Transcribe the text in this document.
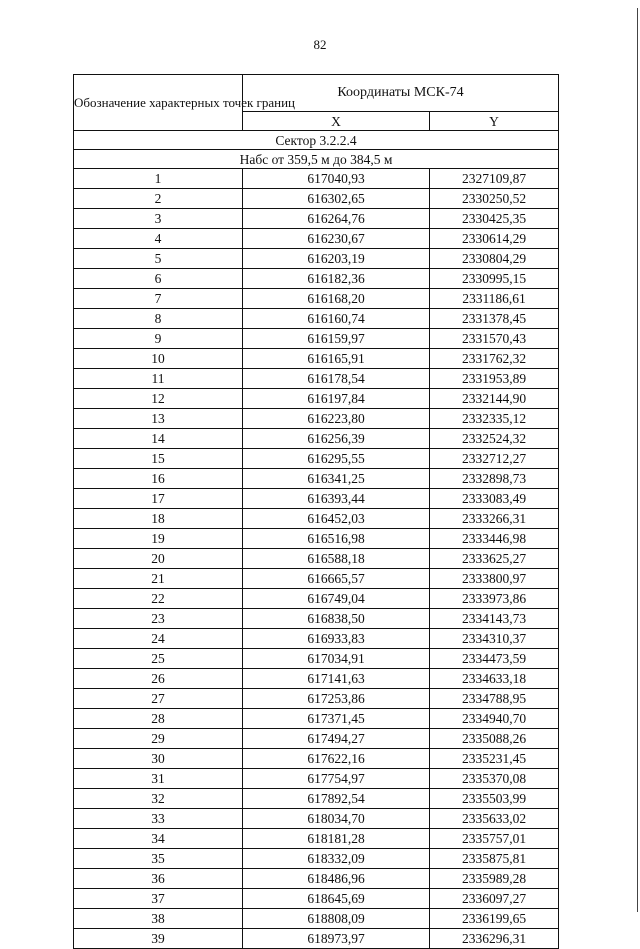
82
Обозначение характерных точек границ	Координаты МСК-74	
	X	Y
Сектор 3.2.2.4		
Набс от 359,5 м до 384,5 м		
1	617040,93	2327109,87
2	616302,65	2330250,52
3	616264,76	2330425,35
4	616230,67	2330614,29
5	616203,19	2330804,29
6	616182,36	2330995,15
7	616168,20	2331186,61
8	616160,74	2331378,45
9	616159,97	2331570,43
10	616165,91	2331762,32
11	616178,54	2331953,89
12	616197,84	2332144,90
13	616223,80	2332335,12
14	616256,39	2332524,32
15	616295,55	2332712,27
16	616341,25	2332898,73
17	616393,44	2333083,49
18	616452,03	2333266,31
19	616516,98	2333446,98
20	616588,18	2333625,27
21	616665,57	2333800,97
22	616749,04	2333973,86
23	616838,50	2334143,73
24	616933,83	2334310,37
25	617034,91	2334473,59
26	617141,63	2334633,18
27	617253,86	2334788,95
28	617371,45	2334940,70
29	617494,27	2335088,26
30	617622,16	2335231,45
31	617754,97	2335370,08
32	617892,54	2335503,99
33	618034,70	2335633,02
34	618181,28	2335757,01
35	618332,09	2335875,81
36	618486,96	2335989,28
37	618645,69	2336097,27
38	618808,09	2336199,65
39	618973,97	2336296,31
